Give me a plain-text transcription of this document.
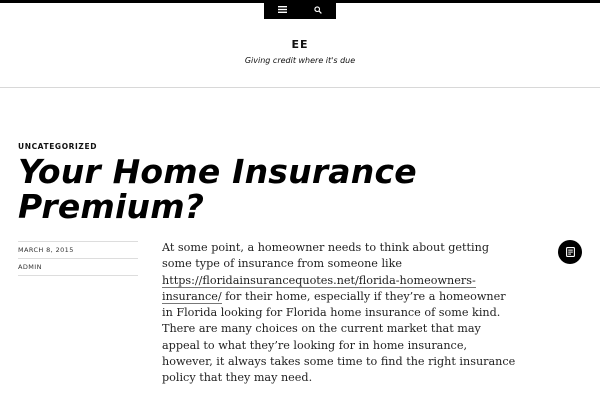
EE
Giving credit where it's due
UNCATEGORIZED
Your Home Insurance Premium?
MARCH 8, 2015
ADMIN
At some point, a homeowner needs to think about getting some type of insurance from someone like https://floridainsurancequotes.net/florida-homeowners-insurance/ for their home, especially if they’re a homeowner in Florida looking for Florida home insurance of some kind. There are many choices on the current market that may appeal to what they’re looking for in home insurance, however, it always takes some time to find the right insurance policy that they may need.
